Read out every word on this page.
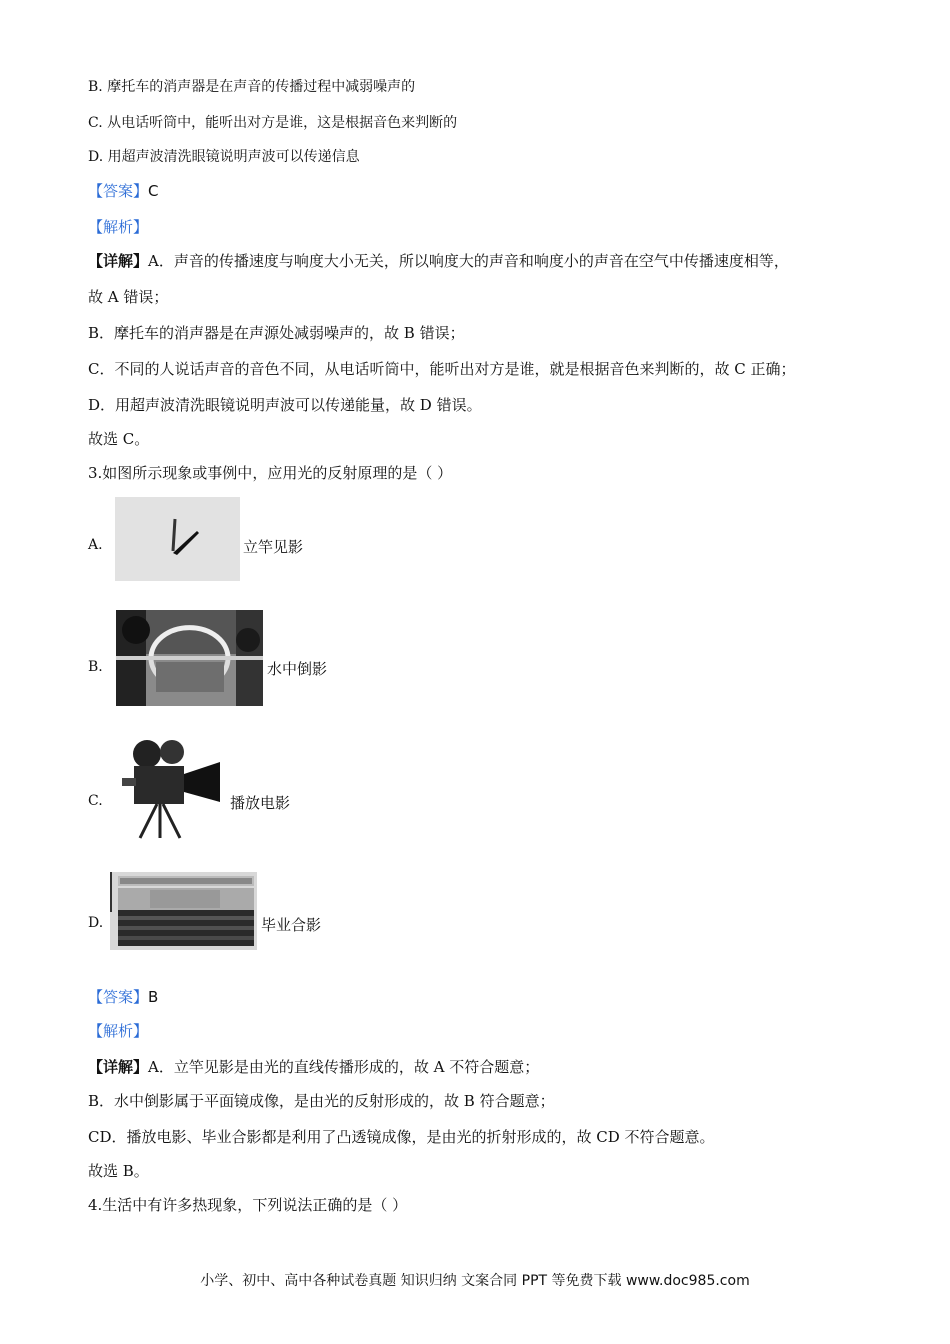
B. 摩托车的消声器是在声音的传播过程中减弱噪声的
C. 从电话听筒中，能听出对方是谁，这是根据音色来判断的
D. 用超声波清洗眼镜说明声波可以传递信息
【答案】C
【解析】
【详解】A．声音的传播速度与响度大小无关，所以响度大的声音和响度小的声音在空气中传播速度相等，
故 A 错误；
B．摩托车的消声器是在声源处减弱噪声的，故 B 错误；
C．不同的人说话声音的音色不同，从电话听筒中，能听出对方是谁，就是根据音色来判断的，故 C 正确；
D．用超声波清洗眼镜说明声波可以传递能量，故 D 错误。
故选 C。
3.如图所示现象或事例中，应用光的反射原理的是（ ）
A.	立竿见影
B.	水中倒影
C.	播放电影
D.	毕业合影
【答案】B
【解析】
【详解】A．立竿见影是由光的直线传播形成的，故 A 不符合题意；
B．水中倒影属于平面镜成像，是由光的反射形成的，故 B 符合题意；
CD．播放电影、毕业合影都是利用了凸透镜成像，是由光的折射形成的，故 CD 不符合题意。
故选 B。
4.生活中有许多热现象，下列说法正确的是（ ）
小学、初中、高中各种试卷真题 知识归纳 文案合同 PPT 等免费下载 www.doc985.com
